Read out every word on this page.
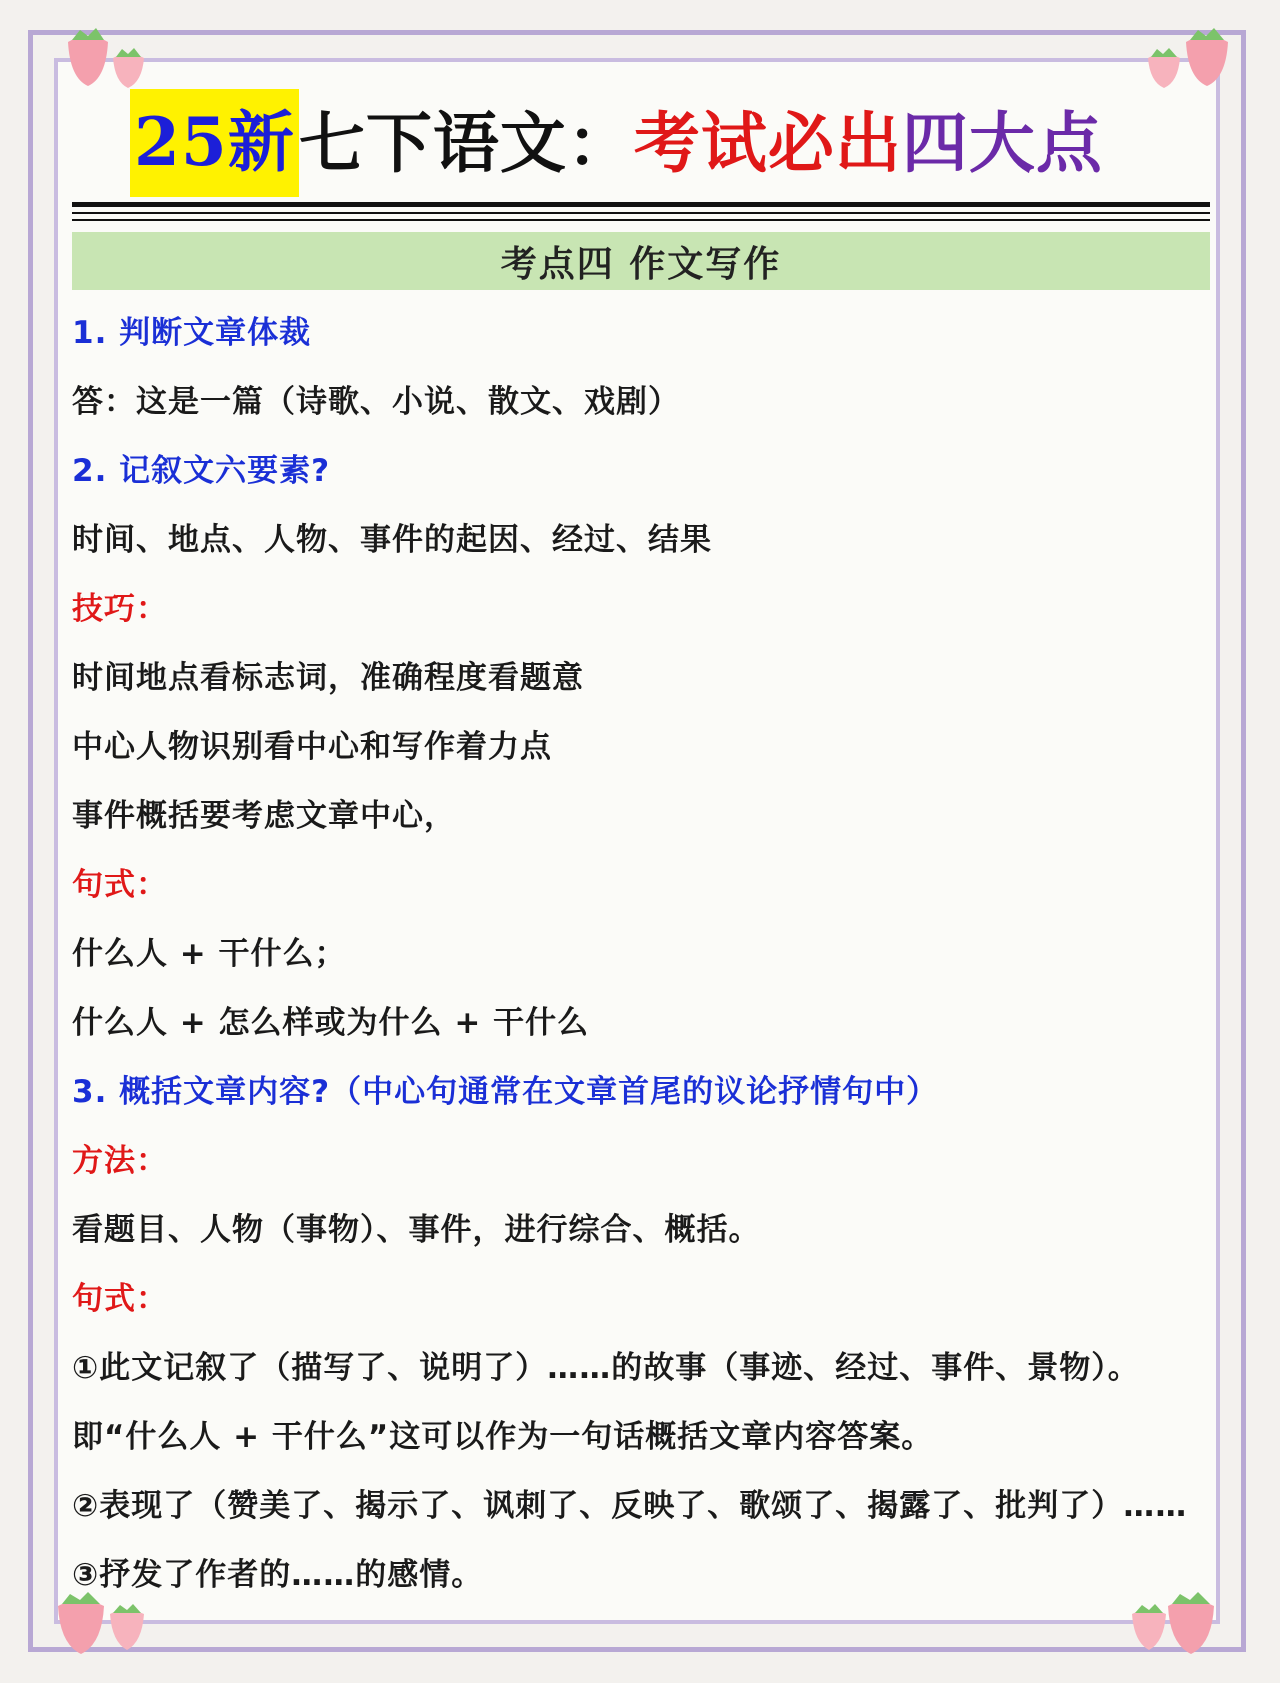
25新 七下语文： 考试必出 四大点
考点四 作文写作
1. 判断文章体裁
答：这是一篇（诗歌、小说、散文、戏剧）
2. 记叙文六要素?
时间、地点、人物、事件的起因、经过、结果
技巧：
时间地点看标志词，准确程度看题意
中心人物识别看中心和写作着力点
事件概括要考虑文章中心，
句式：
什么人 + 干什么；
什么人 + 怎么样或为什么 + 干什么
3. 概括文章内容?（中心句通常在文章首尾的议论抒情句中）
方法：
看题目、人物（事物）、事件，进行综合、概括。
句式：
①此文记叙了（描写了、说明了）……的故事（事迹、经过、事件、景物）。
即“什么人 + 干什么”这可以作为一句话概括文章内容答案。
②表现了（赞美了、揭示了、讽刺了、反映了、歌颂了、揭露了、批判了）……
③抒发了作者的……的感情。
